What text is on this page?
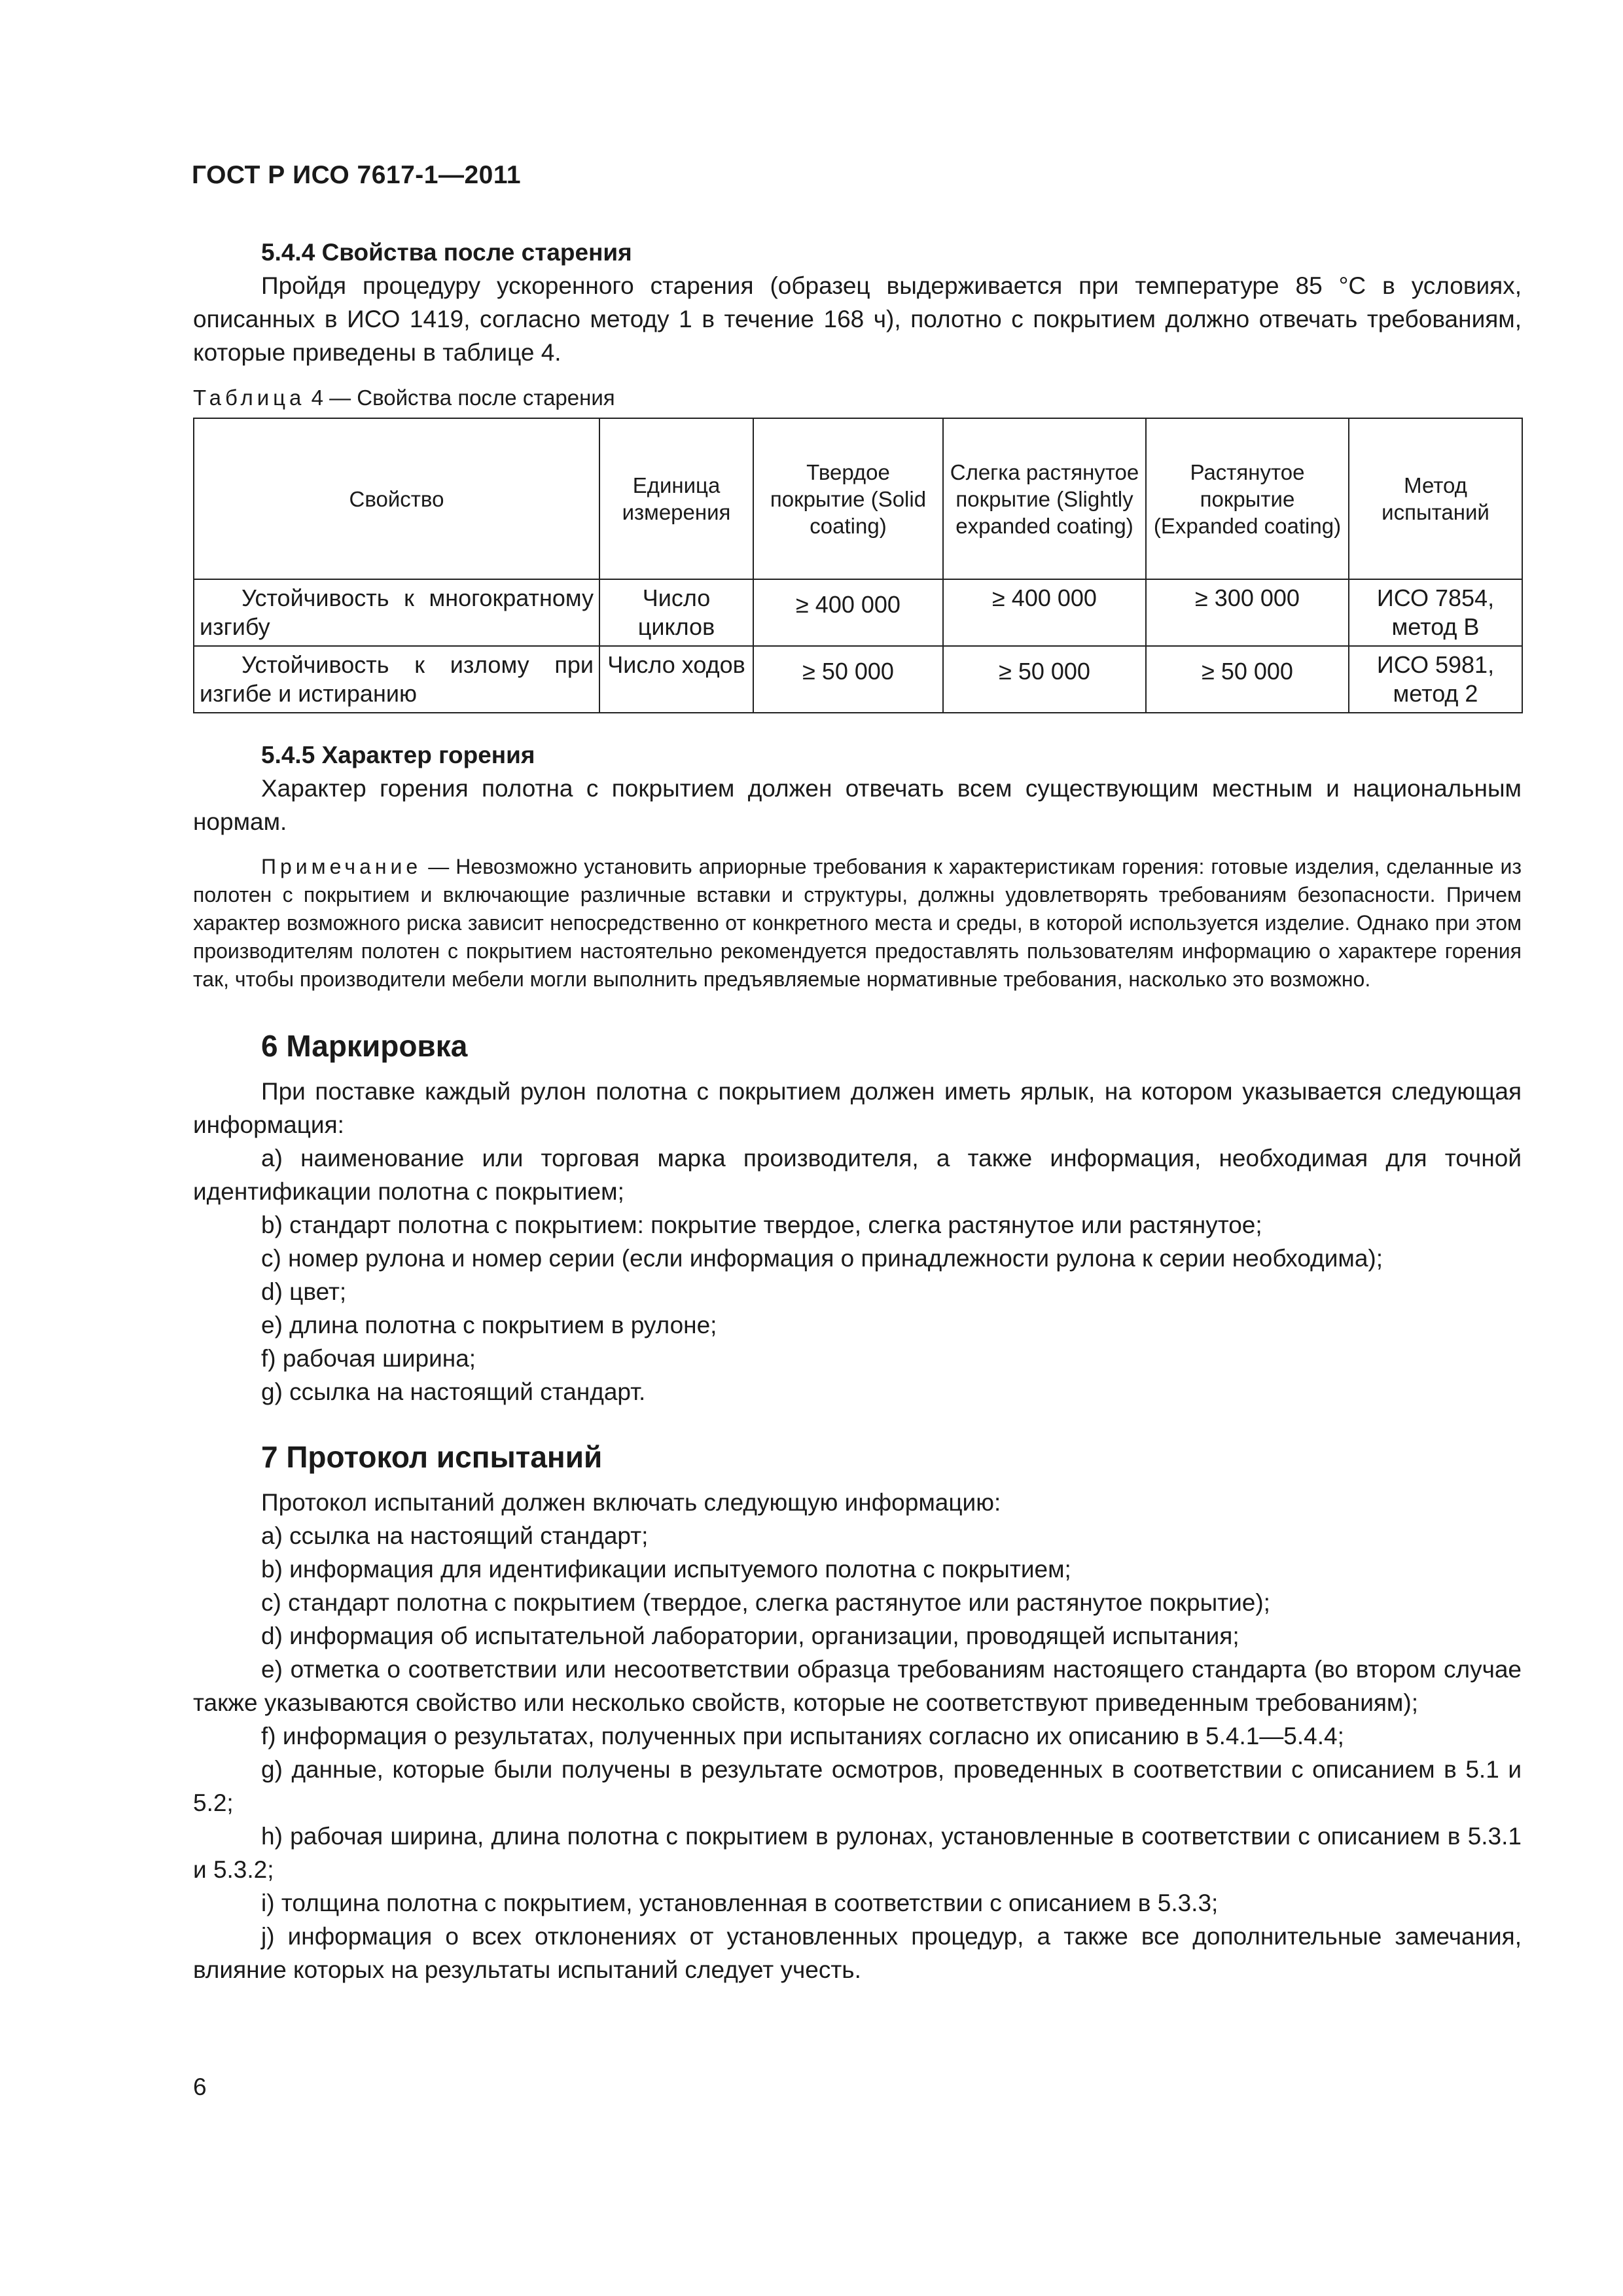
ГОСТ Р ИСО 7617-1—2011

5.4.4 Свойства после старения

Пройдя процедуру ускоренного старения (образец выдерживается при температуре 85 °C в условиях, описанных в ИСО 1419, согласно методу 1 в течение 168 ч), полотно с покрытием должно отвечать требованиям, которые приведены в таблице 4.

Таблица 4 — Свойства после старения

Свойство	Единица измерения	Твердое покрытие (Solid coating)	Слегка растянутое покрытие (Slightly expanded coating)	Растянутое покрытие (Expanded coating)	Метод испытаний
Устойчивость к многократному изгибу	Число циклов	≥ 400 000	≥ 400 000	≥ 300 000	ИСО 7854, метод В
Устойчивость к излому при изгибе и истиранию	Число ходов	≥ 50 000	≥ 50 000	≥ 50 000	ИСО 5981, метод 2

5.4.5 Характер горения

Характер горения полотна с покрытием должен отвечать всем существующим местным и национальным нормам.

Примечание — Невозможно установить априорные требования к характеристикам горения: готовые изделия, сделанные из полотен с покрытием и включающие различные вставки и структуры, должны удовлетворять требованиям безопасности. Причем характер возможного риска зависит непосредственно от конкретного места и среды, в которой используется изделие. Однако при этом производителям полотен с покрытием настоятельно рекомендуется предоставлять пользователям информацию о характере горения так, чтобы производители мебели могли выполнить предъявляемые нормативные требования, насколько это возможно.

6 Маркировка

При поставке каждый рулон полотна с покрытием должен иметь ярлык, на котором указывается следующая информация:

a) наименование или торговая марка производителя, а также информация, необходимая для точной идентификации полотна с покрытием;

b) стандарт полотна с покрытием: покрытие твердое, слегка растянутое или растянутое;

c) номер рулона и номер серии (если информация о принадлежности рулона к серии необходима);

d) цвет;

e) длина полотна с покрытием в рулоне;

f) рабочая ширина;

g) ссылка на настоящий стандарт.

7 Протокол испытаний

Протокол испытаний должен включать следующую информацию:

a) ссылка на настоящий стандарт;

b) информация для идентификации испытуемого полотна с покрытием;

c) стандарт полотна с покрытием (твердое, слегка растянутое или растянутое покрытие);

d) информация об испытательной лаборатории, организации, проводящей испытания;

e) отметка о соответствии или несоответствии образца требованиям настоящего стандарта (во втором случае также указываются свойство или несколько свойств, которые не соответствуют приведенным требованиям);

f) информация о результатах, полученных при испытаниях согласно их описанию в 5.4.1—5.4.4;

g) данные, которые были получены в результате осмотров, проведенных в соответствии с описанием в 5.1 и 5.2;

h) рабочая ширина, длина полотна с покрытием в рулонах, установленные в соответствии с описанием в 5.3.1 и 5.3.2;

i) толщина полотна с покрытием, установленная в соответствии с описанием в 5.3.3;

j) информация о всех отклонениях от установленных процедур, а также все дополнительные замечания, влияние которых на результаты испытаний следует учесть.

6
